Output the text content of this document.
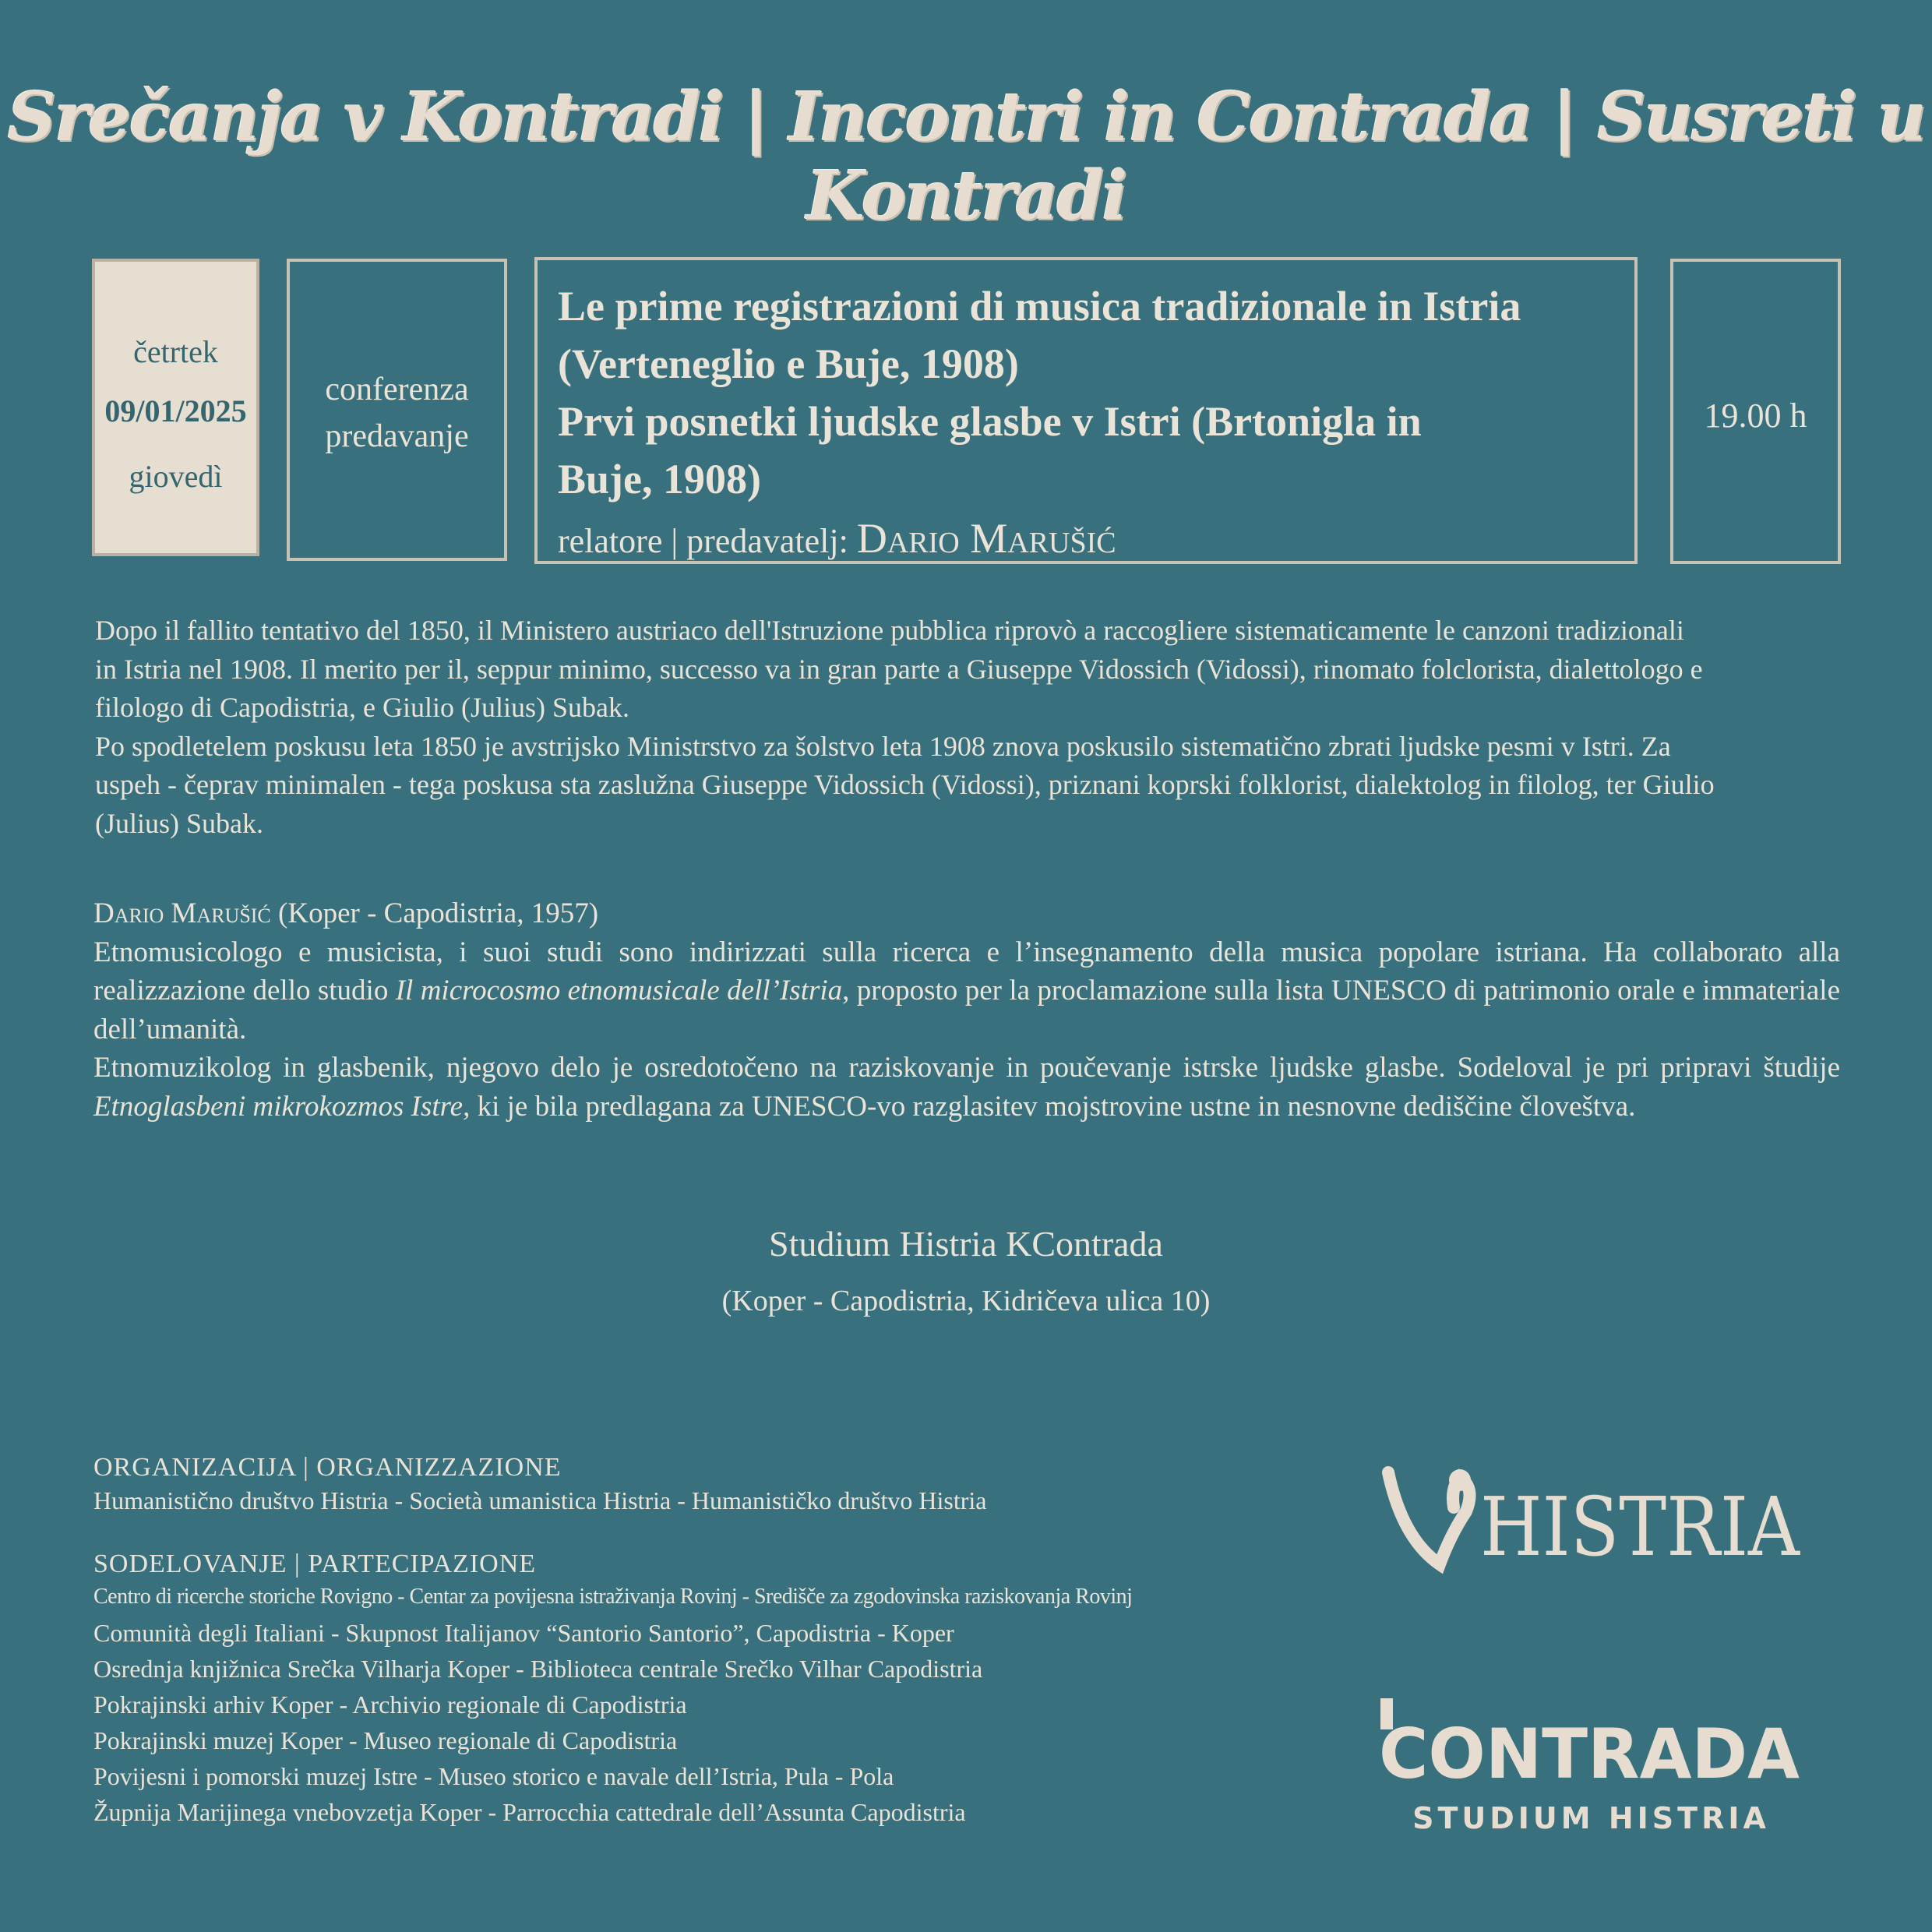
Srečanja v Kontradi | Incontri in Contrada | Susreti u Kontradi
četrtek
09/01/2025
giovedì
conferenza
predavanje
Le prime registrazioni di musica tradizionale in Istria
(Verteneglio e Buje, 1908)
Prvi posnetki ljudske glasbe v Istri (Brtonigla in
Buje, 1908)
relatore | predavatelj: Dario Marušić
19.00 h
Dopo il fallito tentativo del 1850, il Ministero austriaco dell'Istruzione pubblica riprovò a raccogliere sistematicamente le canzoni tradizionali
in Istria nel 1908. Il merito per il, seppur minimo, successo va in gran parte a Giuseppe Vidossich (Vidossi), rinomato folclorista, dialettologo e
filologo di Capodistria, e Giulio (Julius) Subak.
Po spodletelem poskusu leta 1850 je avstrijsko Ministrstvo za šolstvo leta 1908 znova poskusilo sistematično zbrati ljudske pesmi v Istri. Za
uspeh - čeprav minimalen - tega poskusa sta zaslužna Giuseppe Vidossich (Vidossi), priznani koprski folklorist, dialektolog in filolog, ter Giulio
(Julius) Subak.
Dario Marušić (Koper - Capodistria, 1957)
Etnomusicologo e musicista, i suoi studi sono indirizzati sulla ricerca e l’insegnamento della musica popolare istriana. Ha collaborato alla realizzazione dello studio Il microcosmo etnomusicale dell’Istria, proposto per la proclamazione sulla lista UNESCO di patrimonio orale e immateriale dell’umanità.
Etnomuzikolog in glasbenik, njegovo delo je osredotočeno na raziskovanje in poučevanje istrske ljudske glasbe. Sodeloval je pri pripravi študije Etnoglasbeni mikrokozmos Istre, ki je bila predlagana za UNESCO-vo razglasitev mojstrovine ustne in nesnovne dediščine človeštva.
Studium Histria KContrada
(Koper - Capodistria, Kidričeva ulica 10)
ORGANIZACIJA | ORGANIZZAZIONE
Humanistično društvo Histria - Società umanistica Histria - Humanističko društvo Histria
SODELOVANJE | PARTECIPAZIONE
Centro di ricerche storiche Rovigno - Centar za povijesna istraživanja Rovinj - Središče za zgodovinska raziskovanja Rovinj
Comunità degli Italiani - Skupnost Italijanov “Santorio Santorio”, Capodistria - Koper
Osrednja knjižnica Srečka Vilharja Koper - Biblioteca centrale Srečko Vilhar Capodistria
Pokrajinski arhiv Koper - Archivio regionale di Capodistria
Pokrajinski muzej Koper - Museo regionale di Capodistria
Povijesni i pomorski muzej Istre - Museo storico e navale dell’Istria, Pula - Pola
Župnija Marijinega vnebovzetja Koper - Parrocchia cattedrale dell’Assunta Capodistria
HISTRIA
CONTRADA
STUDIUM HISTRIA
